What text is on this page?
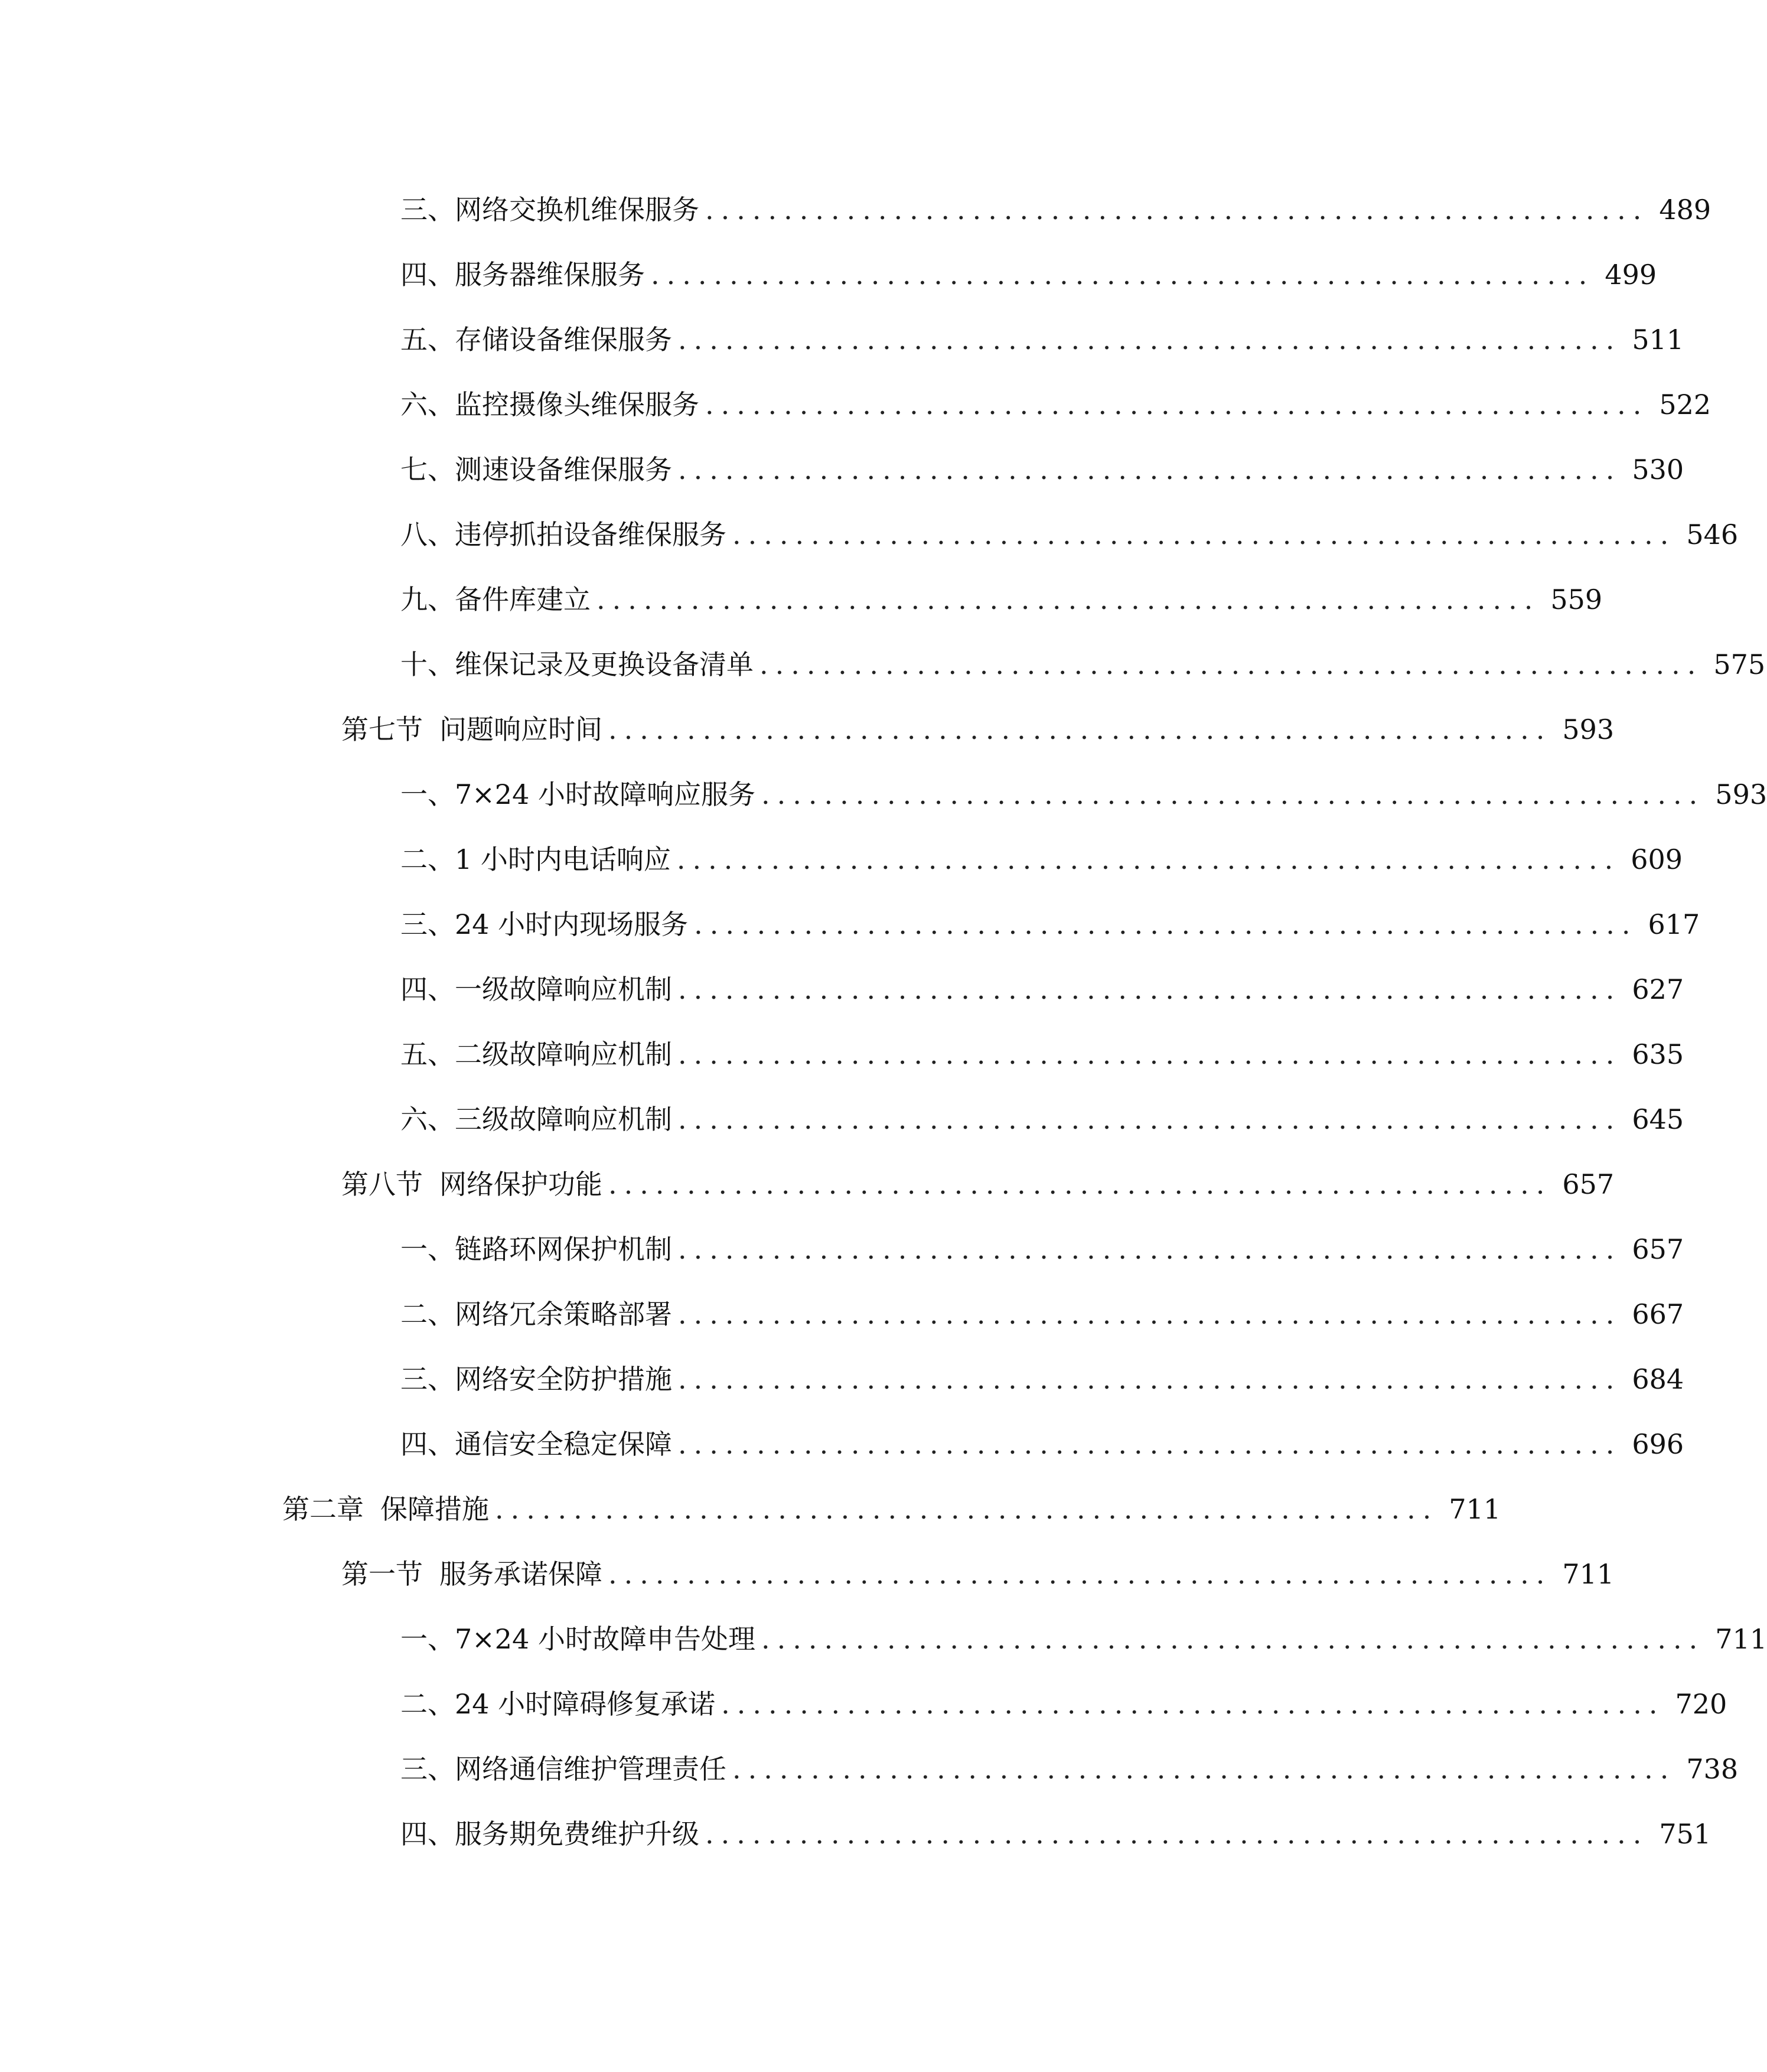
三、 网络交换机维保服务 ............................................................ 489
四、 服务器维保服务 ............................................................ 499
五、 存储设备维保服务 ............................................................ 511
六、 监控摄像头维保服务 ............................................................ 522
七、 测速设备维保服务 ............................................................ 530
八、 违停抓拍设备维保服务 ............................................................ 546
九、 备件库建立 ............................................................ 559
十、 维保记录及更换设备清单 ............................................................ 575
第七节 问题响应时间 ............................................................ 593
一、 7×24 小时故障响应服务 ............................................................ 593
二、 1 小时内电话响应 ............................................................ 609
三、 24 小时内现场服务 ............................................................ 617
四、 一级故障响应机制 ............................................................ 627
五、 二级故障响应机制 ............................................................ 635
六、 三级故障响应机制 ............................................................ 645
第八节 网络保护功能 ............................................................ 657
一、 链路环网保护机制 ............................................................ 657
二、 网络冗余策略部署 ............................................................ 667
三、 网络安全防护措施 ............................................................ 684
四、 通信安全稳定保障 ............................................................ 696
第二章 保障措施 ............................................................ 711
第一节 服务承诺保障 ............................................................ 711
一、 7×24 小时故障申告处理 ............................................................ 711
二、 24 小时障碍修复承诺 ............................................................ 720
三、 网络通信维护管理责任 ............................................................ 738
四、 服务期免费维护升级 ............................................................ 751
